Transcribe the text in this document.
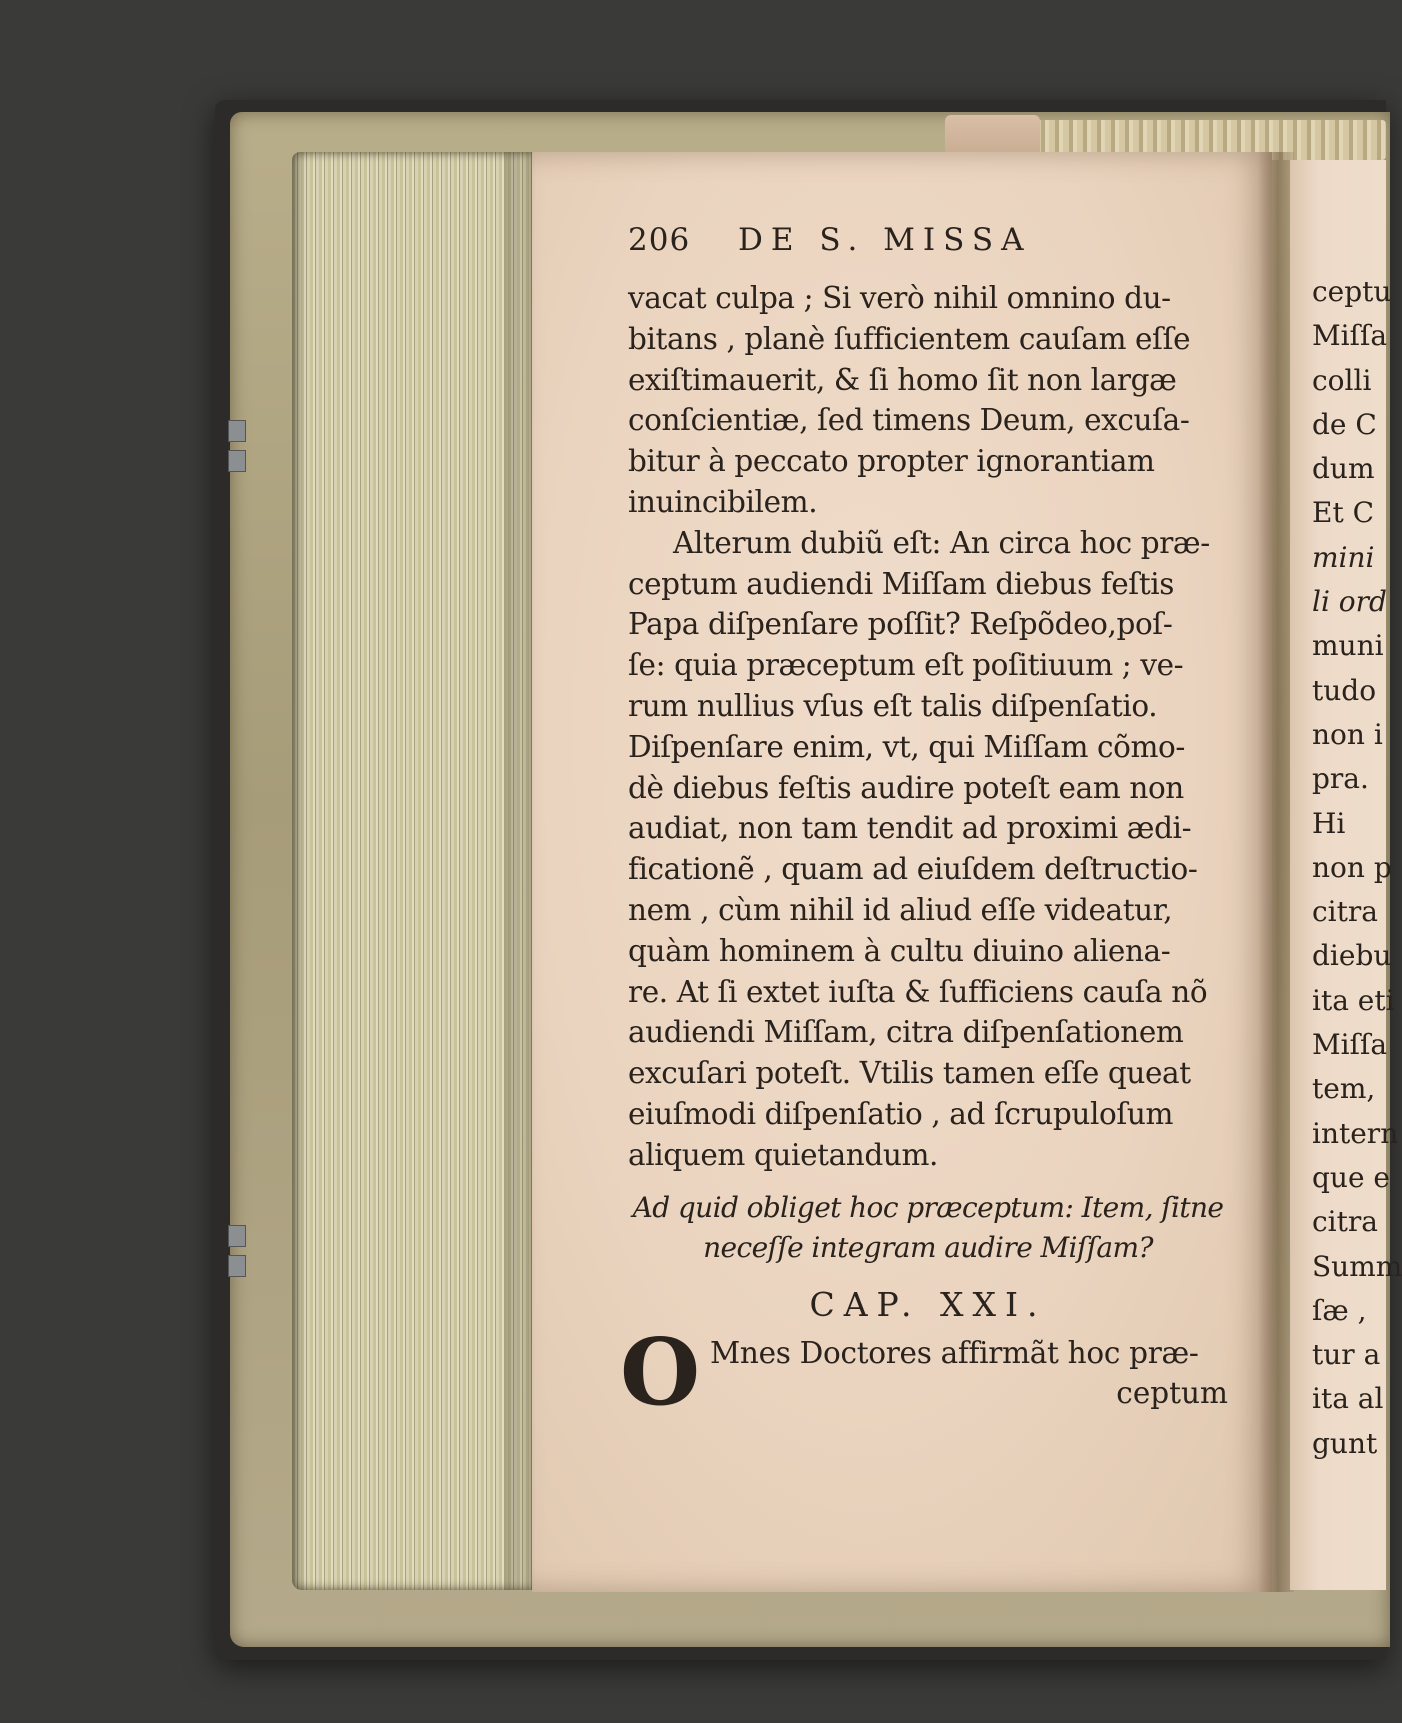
206	DE S. MISSA
vacat culpa ; Si verò nihil omnino du-
bitans , planè ſufficientem cauſam eſſe
exiſtimauerit, & ſi homo ſit non largæ
conſcientiæ, ſed timens Deum, excuſa-
bitur à peccato propter ignorantiam
inuincibilem.
Alterum dubiũ eſt: An circa hoc præ-
ceptum audiendi Miſſam diebus feſtis
Papa diſpenſare poſſit? Reſpõdeo,poſ-
ſe: quia præceptum eſt poſitiuum ; ve-
rum nullius vſus eſt talis diſpenſatio.
Diſpenſare enim, vt, qui Miſſam cõmo-
dè diebus feſtis audire poteſt eam non
audiat, non tam tendit ad proximi ædi-
ficationẽ , quam ad eiuſdem deſtructio-
nem , cùm nihil id aliud eſſe videatur,
quàm hominem à cultu diuino aliena-
re. At ſi extet iuſta & ſufficiens cauſa nõ
audiendi Miſſam, citra diſpenſationem
excuſari poteſt. Vtilis tamen eſſe queat
eiuſmodi diſpenſatio , ad ſcrupuloſum
aliquem quietandum.
Ad quid obliget hoc præceptum: Item, ſitne
neceſſe integram audire Miſſam?
CAP. XXI.
O Mnes Doctores affirmãt hoc præ-
ceptum
ceptu
Miſſa
colli
de C
dum
Et C
mini
li ord
muni
tudo
non i
pra.
Hi
non p
citra
diebu
ita eti
Miſſa
tem,
intern
que e
citra
Summ
ſæ ,
tur a
ita al
gunt
